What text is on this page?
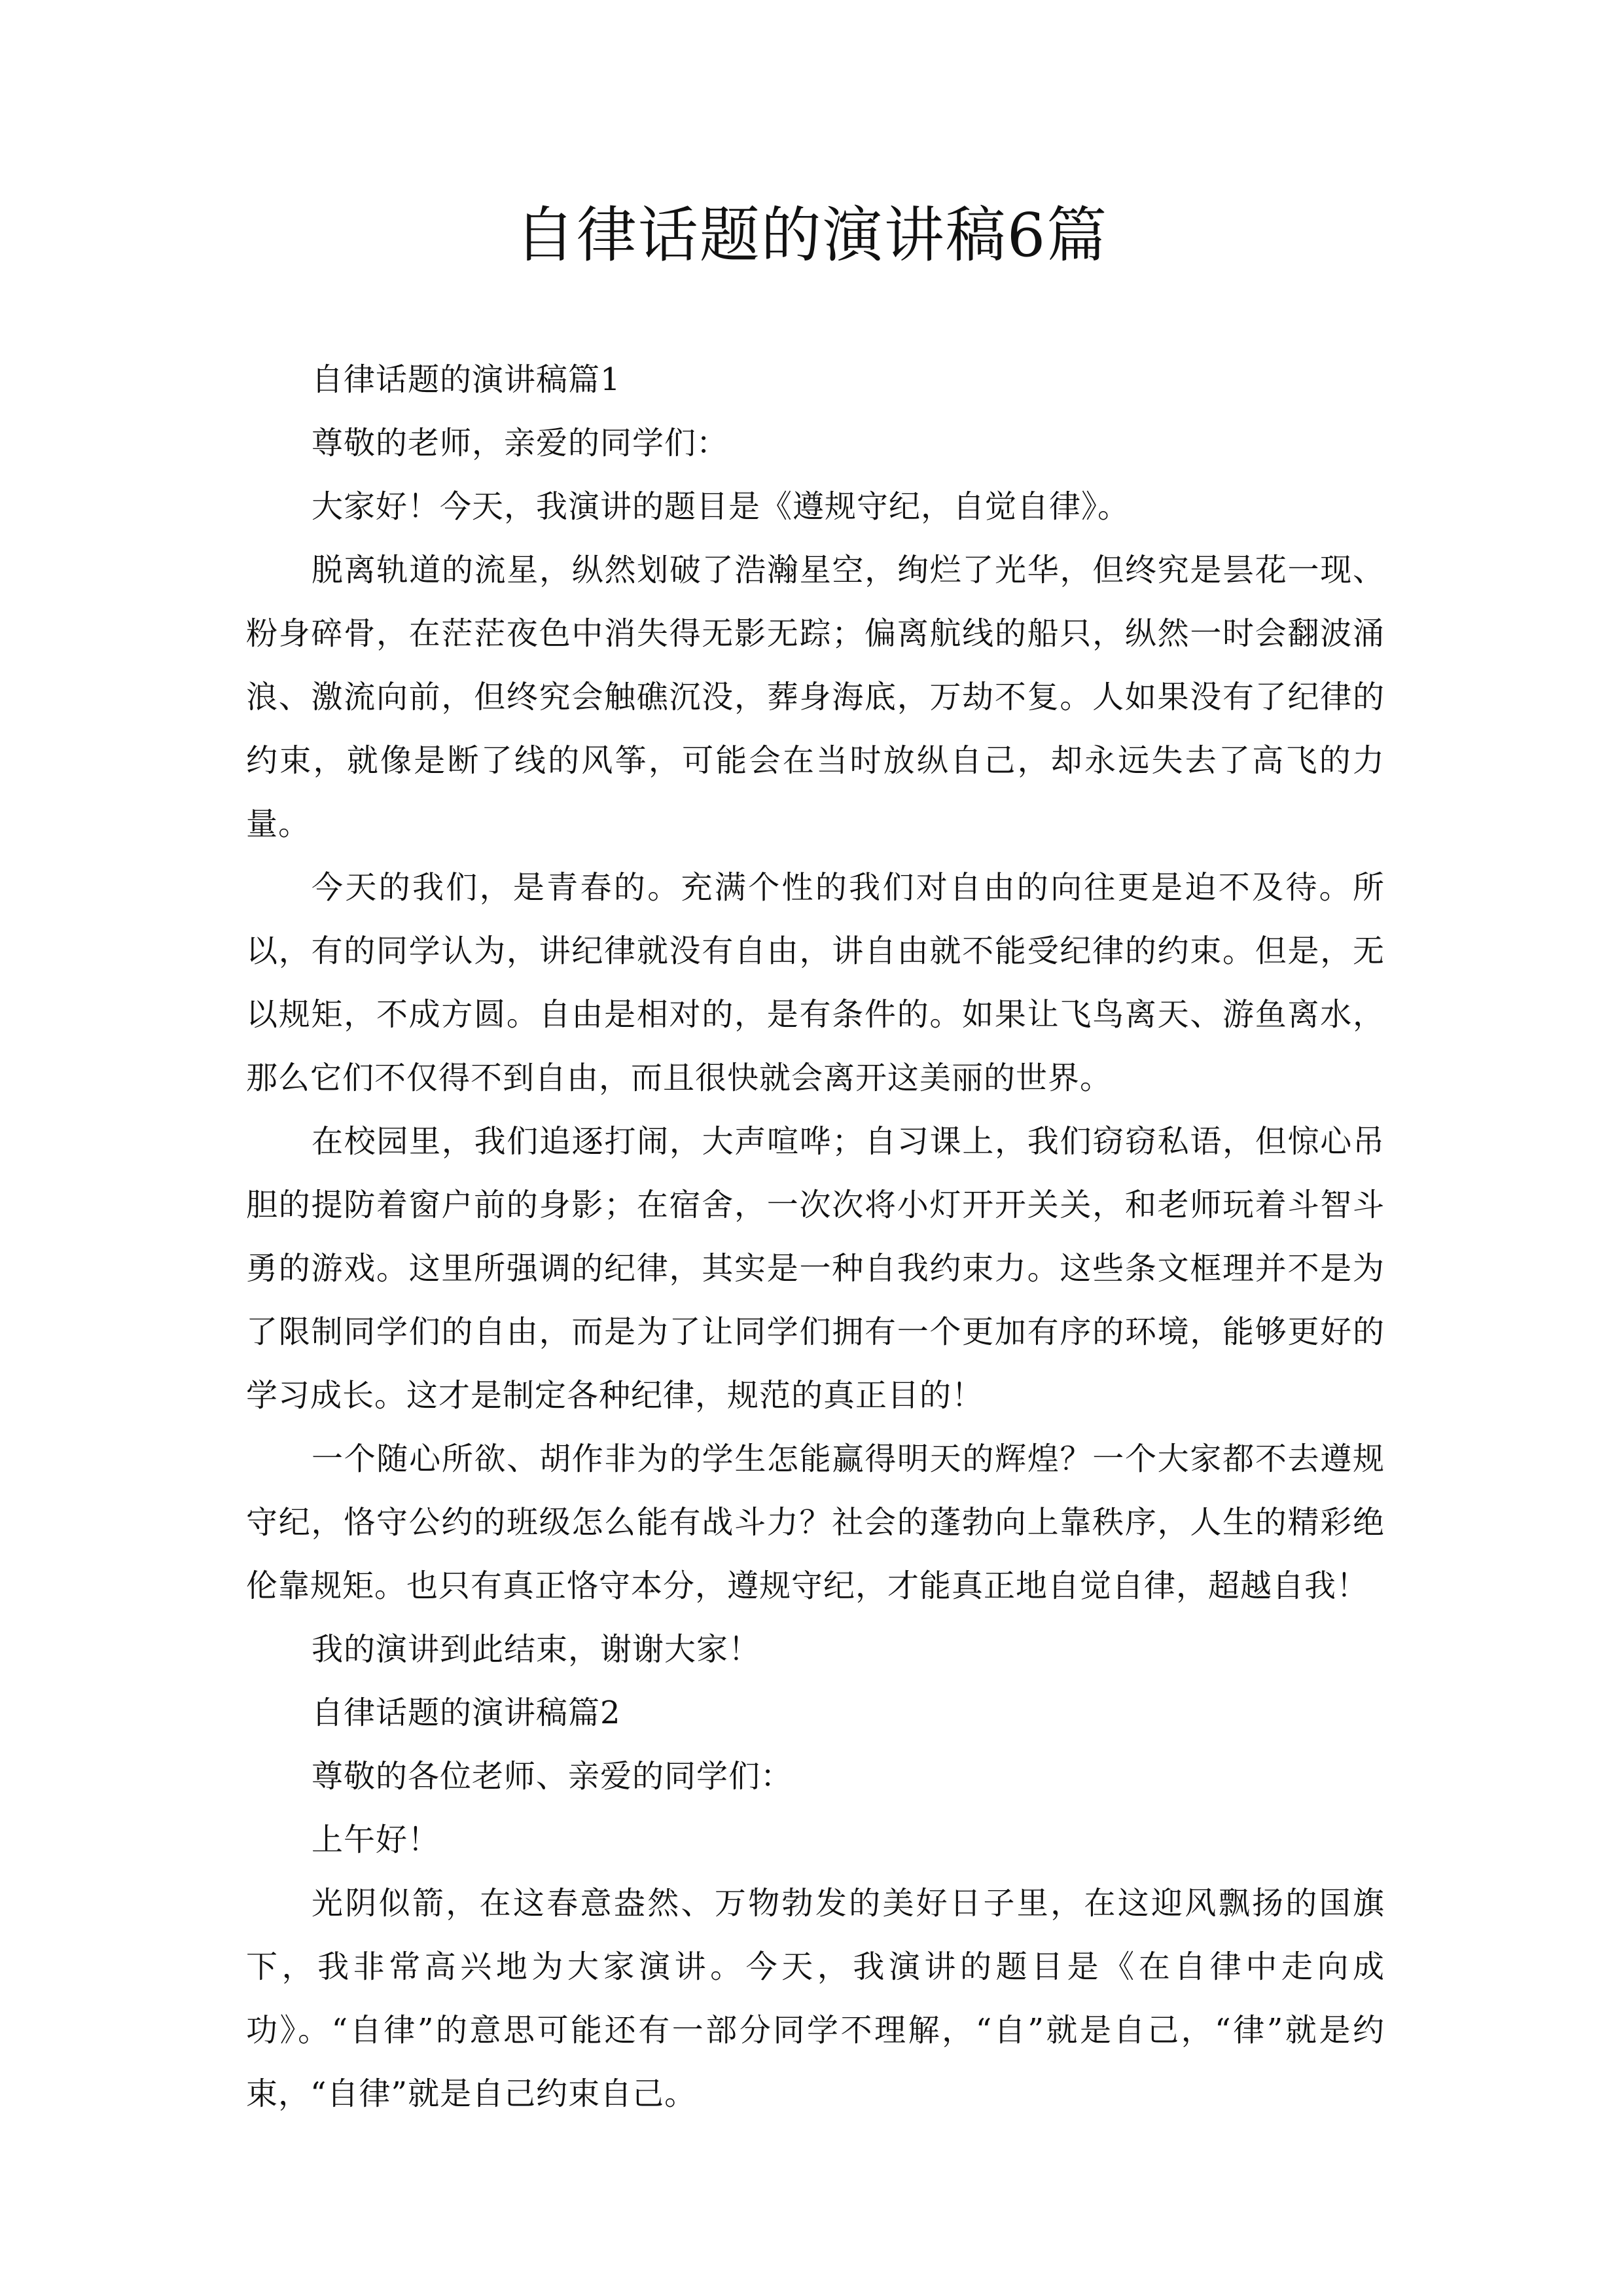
自律话题的演讲稿6篇

自律话题的演讲稿篇1

尊敬的老师，亲爱的同学们：

大家好！今天，我演讲的题目是《遵规守纪，自觉自律》。

脱离轨道的流星，纵然划破了浩瀚星空，绚烂了光华，但终究是昙花一现、粉身碎骨，在茫茫夜色中消失得无影无踪；偏离航线的船只，纵然一时会翻波涌浪、激流向前，但终究会触礁沉没，葬身海底，万劫不复。人如果没有了纪律的约束，就像是断了线的风筝，可能会在当时放纵自己，却永远失去了高飞的力量。

今天的我们，是青春的。充满个性的我们对自由的向往更是迫不及待。所以，有的同学认为，讲纪律就没有自由，讲自由就不能受纪律的约束。但是，无以规矩，不成方圆。自由是相对的，是有条件的。如果让飞鸟离天、游鱼离水，那么它们不仅得不到自由，而且很快就会离开这美丽的世界。

在校园里，我们追逐打闹，大声喧哗；自习课上，我们窃窃私语，但惊心吊胆的提防着窗户前的身影；在宿舍，一次次将小灯开开关关，和老师玩着斗智斗勇的游戏。这里所强调的纪律，其实是一种自我约束力。这些条文框理并不是为了限制同学们的自由，而是为了让同学们拥有一个更加有序的环境，能够更好的学习成长。这才是制定各种纪律，规范的真正目的！

一个随心所欲、胡作非为的学生怎能赢得明天的辉煌？一个大家都不去遵规守纪，恪守公约的班级怎么能有战斗力？社会的蓬勃向上靠秩序，人生的精彩绝伦靠规矩。也只有真正恪守本分，遵规守纪，才能真正地自觉自律，超越自我！

我的演讲到此结束，谢谢大家！

自律话题的演讲稿篇2

尊敬的各位老师、亲爱的同学们：

上午好！

光阴似箭，在这春意盎然、万物勃发的美好日子里，在这迎风飘扬的国旗下，我非常高兴地为大家演讲。今天，我演讲的题目是《在自律中走向成功》。“自律”的意思可能还有一部分同学不理解，“自”就是自己，“律”就是约束，“自律”就是自己约束自己。
